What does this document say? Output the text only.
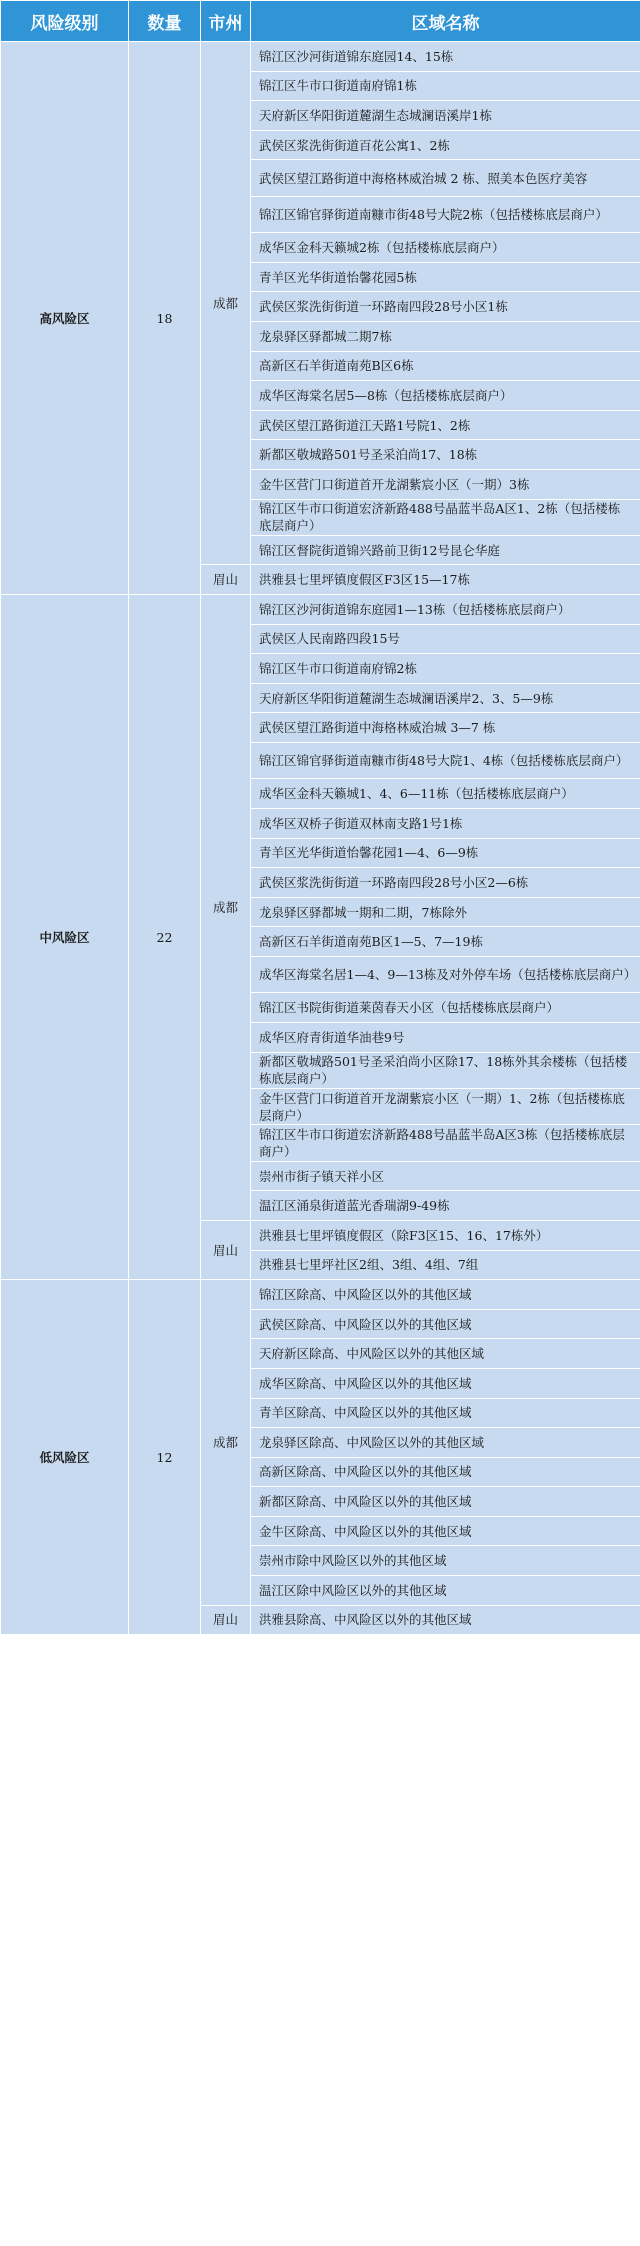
风险级别	数量	市州	区域名称
高风险区	18	成都	锦江区沙河街道锦东庭园14、15栋
			锦江区牛市口街道南府锦1栋
			天府新区华阳街道麓湖生态城澜语溪岸1栋
			武侯区浆洗街街道百花公寓1、2栋
			武侯区望江路街道中海格林威治城 2 栋、照美本色医疗美容
			锦江区锦官驿街道南糠市街48号大院2栋（包括楼栋底层商户）
			成华区金科天籁城2栋（包括楼栋底层商户）
			青羊区光华街道怡馨花园5栋
			武侯区浆洗街街道一环路南四段28号小区1栋
			龙泉驿区驿都城二期7栋
			高新区石羊街道南苑B区6栋
			成华区海棠名居5—8栋（包括楼栋底层商户）
			武侯区望江路街道江天路1号院1、2栋
			新都区敬城路501号圣采泊尚17、18栋
			金牛区营门口街道首开龙湖紫宸小区（一期）3栋
			锦江区牛市口街道宏济新路488号晶蓝半岛A区1、2栋（包括楼栋底层商户）
			锦江区督院街道锦兴路前卫街12号昆仑华庭
		眉山	洪雅县七里坪镇度假区F3区15—17栋
中风险区	22	成都	锦江区沙河街道锦东庭园1—13栋（包括楼栋底层商户）
			武侯区人民南路四段15号
			锦江区牛市口街道南府锦2栋
			天府新区华阳街道麓湖生态城澜语溪岸2、3、5—9栋
			武侯区望江路街道中海格林威治城 3—7 栋
			锦江区锦官驿街道南糠市街48号大院1、4栋（包括楼栋底层商户）
			成华区金科天籁城1、4、6—11栋（包括楼栋底层商户）
			成华区双桥子街道双林南支路1号1栋
			青羊区光华街道怡馨花园1—4、6—9栋
			武侯区浆洗街街道一环路南四段28号小区2—6栋
			龙泉驿区驿都城一期和二期，7栋除外
			高新区石羊街道南苑B区1—5、7—19栋
			成华区海棠名居1—4、9—13栋及对外停车场（包括楼栋底层商户）
			锦江区书院街街道莱茵春天小区（包括楼栋底层商户）
			成华区府青街道华油巷9号
			新都区敬城路501号圣采泊尚小区除17、18栋外其余楼栋（包括楼栋底层商户）
			金牛区营门口街道首开龙湖紫宸小区（一期）1、2栋（包括楼栋底层商户）
			锦江区牛市口街道宏济新路488号晶蓝半岛A区3栋（包括楼栋底层商户）
			崇州市街子镇天祥小区
			温江区涌泉街道蓝光香瑞湖9-49栋
		眉山	洪雅县七里坪镇度假区（除F3区15、16、17栋外）
			洪雅县七里坪社区2组、3组、4组、7组
低风险区	12	成都	锦江区除高、中风险区以外的其他区域
			武侯区除高、中风险区以外的其他区域
			天府新区除高、中风险区以外的其他区域
			成华区除高、中风险区以外的其他区域
			青羊区除高、中风险区以外的其他区域
			龙泉驿区除高、中风险区以外的其他区域
			高新区除高、中风险区以外的其他区域
			新都区除高、中风险区以外的其他区域
			金牛区除高、中风险区以外的其他区域
			崇州市除中风险区以外的其他区域
			温江区除中风险区以外的其他区域
		眉山	洪雅县除高、中风险区以外的其他区域
